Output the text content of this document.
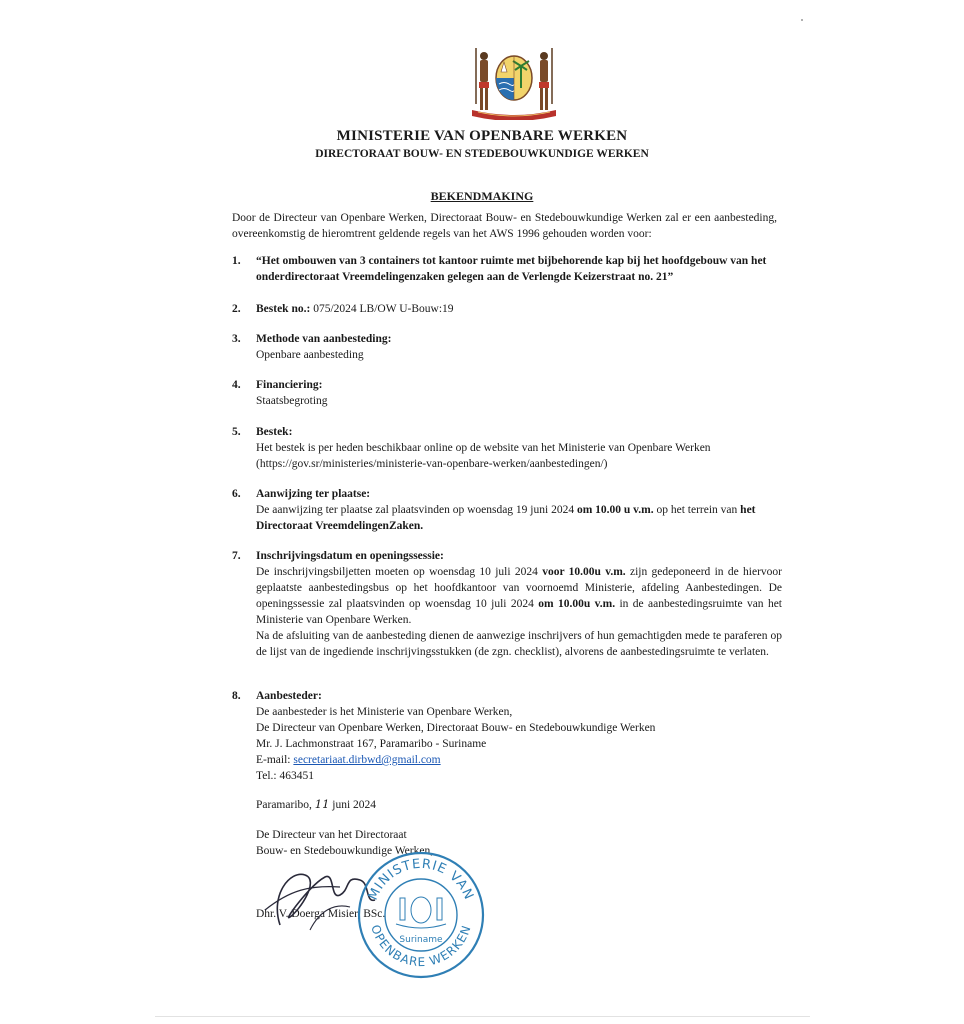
MINISTERIE VAN OPENBARE WERKEN
DIRECTORAAT BOUW- EN STEDEBOUWKUNDIGE WERKEN
BEKENDMAKING
Door de Directeur van Openbare Werken, Directoraat Bouw- en Stedebouwkundige Werken zal er een aanbesteding, overeenkomstig de hieromtrent geldende regels van het AWS 1996 gehouden worden voor:
1. “Het ombouwen van 3 containers tot kantoor ruimte met bijbehorende kap bij het hoofdgebouw van het onderdirectoraat Vreemdelingenzaken gelegen aan de Verlengde Keizerstraat no. 21”
2. Bestek no.: 075/2024 LB/OW U-Bouw:19
3. Methode van aanbesteding:
Openbare aanbesteding
4. Financiering:
Staatsbegroting
5. Bestek:
Het bestek is per heden beschikbaar online op de website van het Ministerie van Openbare Werken
(https://gov.sr/ministeries/ministerie-van-openbare-werken/aanbestedingen/)
6. Aanwijzing ter plaatse:
De aanwijzing ter plaatse zal plaatsvinden op woensdag 19 juni 2024 om 10.00 u v.m. op het terrein van het Directoraat VreemdelingenZaken.
7. Inschrijvingsdatum en openingssessie:
De inschrijvingsbiljetten moeten op woensdag 10 juli 2024 voor 10.00u v.m. zijn gedeponeerd in de hiervoor geplaatste aanbestedingsbus op het hoofdkantoor van voornoemd Ministerie, afdeling Aanbestedingen. De openingssessie zal plaatsvinden op woensdag 10 juli 2024 om 10.00u v.m. in de aanbestedingsruimte van het Ministerie van Openbare Werken.
Na de afsluiting van de aanbesteding dienen de aanwezige inschrijvers of hun gemachtigden mede te paraferen op de lijst van de ingediende inschrijvingsstukken (de zgn. checklist), alvorens de aanbestedingsruimte te verlaten.
8. Aanbesteder:
De aanbesteder is het Ministerie van Openbare Werken,
De Directeur van Openbare Werken, Directoraat Bouw- en Stedebouwkundige Werken
Mr. J. Lachmonstraat 167, Paramaribo - Suriname
E-mail: secretariaat.dirbwd@gmail.com
Tel.: 463451
Paramaribo, 11 juni 2024
De Directeur van het Directoraat
Bouw- en Stedebouwkundige Werken,
Dhr. V. Doerga Misier, BSc.
MINISTERIE VAN
OPENBARE WERKEN
Suriname
